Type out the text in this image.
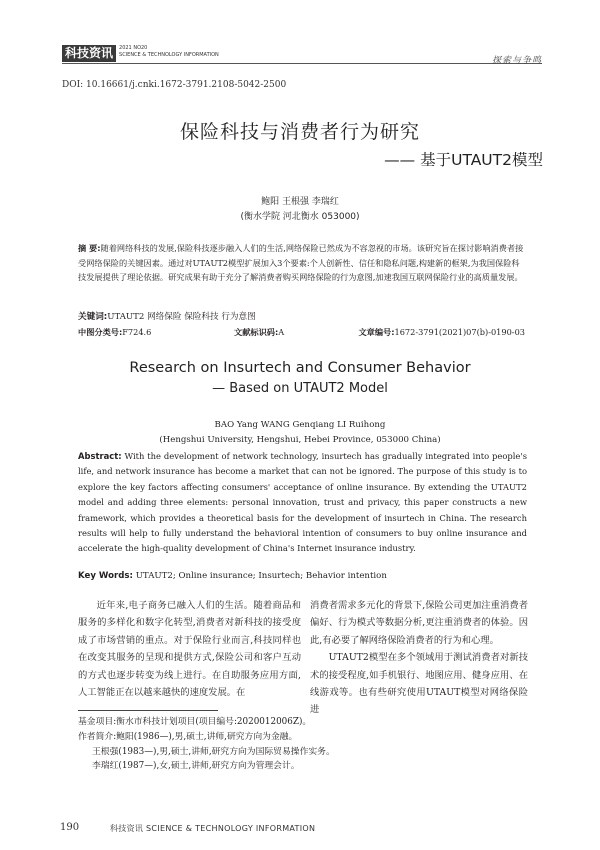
科技资讯 2021 NO20
SCIENCE & TECHNOLOGY INFORMATION
探索与争鸣
DOI: 10.16661/j.cnki.1672-3791.2108-5042-2500
保险科技与消费者行为研究
—— 基于UTAUT2模型
鲍阳 王根强 李瑞红
(衡水学院 河北衡水 053000)
摘 要:随着网络科技的发展,保险科技逐步融入人们的生活,网络保险已然成为不容忽视的市场。该研究旨在探讨影响消费者接受网络保险的关键因素。通过对UTAUT2模型扩展加入3个要素:个人创新性、信任和隐私问题,构建新的框架,为我国保险科技发展提供了理论依据。研究成果有助于充分了解消费者购买网络保险的行为意图,加速我国互联网保险行业的高质量发展。
关键词:UTAUT2 网络保险 保险科技 行为意图
中图分类号:F724.6	文献标识码:A	文章编号:1672-3791(2021)07(b)-0190-03
Research on Insurtech and Consumer Behavior
— Based on UTAUT2 Model
BAO Yang WANG Genqiang LI Ruihong
(Hengshui University, Hengshui, Hebei Province, 053000 China)
Abstract: With the development of network technology, insurtech has gradually integrated into people's life, and network insurance has become a market that can not be ignored. The purpose of this study is to explore the key factors affecting consumers' acceptance of online insurance. By extending the UTAUT2 model and adding three elements: personal innovation, trust and privacy, this paper constructs a new framework, which provides a theoretical basis for the development of insurtech in China. The research results will help to fully understand the behavioral intention of consumers to buy online insurance and accelerate the high-quality development of China's Internet insurance industry.
Key Words: UTAUT2; Online insurance; Insurtech; Behavior intention
近年来,电子商务已融入人们的生活。随着商品和服务的多样化和数字化转型,消费者对新科技的接受度成了市场营销的重点。对于保险行业而言,科技同样也在改变其服务的呈现和提供方式,保险公司和客户互动的方式也逐步转变为线上进行。在自助服务应用方面,人工智能正在以越来越快的速度发展。在

消费者需求多元化的背景下,保险公司更加注重消费者偏好、行为模式等数据分析,更注重消费者的体验。因此,有必要了解网络保险消费者的行为和心理。

UTAUT2模型在多个领域用于测试消费者对新技术的接受程度,如手机银行、地图应用、健身应用、在线游戏等。也有些研究使用UTAUT模型对网络保险进

基金项目:衡水市科技计划项目(项目编号:2020012006Z)。
作者简介:鲍阳(1986—),男,硕士,讲师,研究方向为金融。
王根强(1983—),男,硕士,讲师,研究方向为国际贸易操作实务。
李瑞红(1987—),女,硕士,讲师,研究方向为管理会计。
190	科技资讯 SCIENCE & TECHNOLOGY INFORMATION
